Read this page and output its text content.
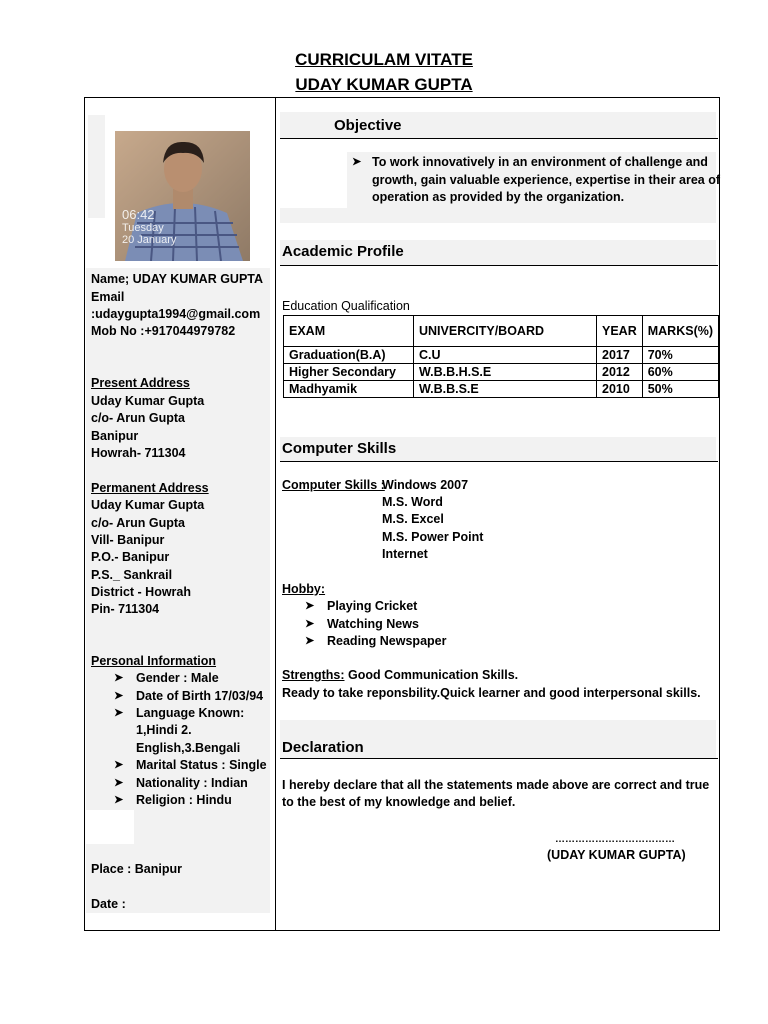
CURRICULAM VITATE
UDAY KUMAR GUPTA
06:42
Tuesday
20 January
Name; UDAY KUMAR GUPTA
Email
:udaygupta1994@gmail.com
Mob No :+917044979782
Present Address
Uday Kumar Gupta
c/o- Arun Gupta
Banipur
Howrah- 711304
Permanent Address
Uday Kumar Gupta
c/o- Arun Gupta
Vill- Banipur
P.O.- Banipur
P.S._ Sankrail
District - Howrah
Pin- 711304
Personal Information
➤ Gender : Male
➤ Date of Birth 17/03/94
➤ Language Known:
1,Hindi 2.
English,3.Bengali
➤ Marital Status : Single
➤ Nationality : Indian
➤ Religion : Hindu
Place : Banipur
Date :
Objective
➤ To work innovatively in an environment of challenge and
growth, gain valuable experience, expertise in their area of
operation as provided by the organization.
Academic Profile
Education Qualification
EXAM	UNIVERCITY/BOARD	YEAR	MARKS(%)
Graduation(B.A)	C.U	2017	70%
Higher Secondary	W.B.B.H.S.E	2012	60%
Madhyamik	W.B.B.S.E	2010	50%
Computer Skills
Computer Skills :
Windows 2007
M.S. Word
M.S. Excel
M.S. Power Point
Internet
Hobby:
➤ Playing Cricket
➤ Watching News
➤ Reading Newspaper
Strengths: Good Communication Skills.
Ready to take reponsbility.Quick learner and good interpersonal skills.
Declaration
I hereby declare that all the statements made above are correct and true
to the best of my knowledge and belief.
………………………………
(UDAY KUMAR GUPTA)
